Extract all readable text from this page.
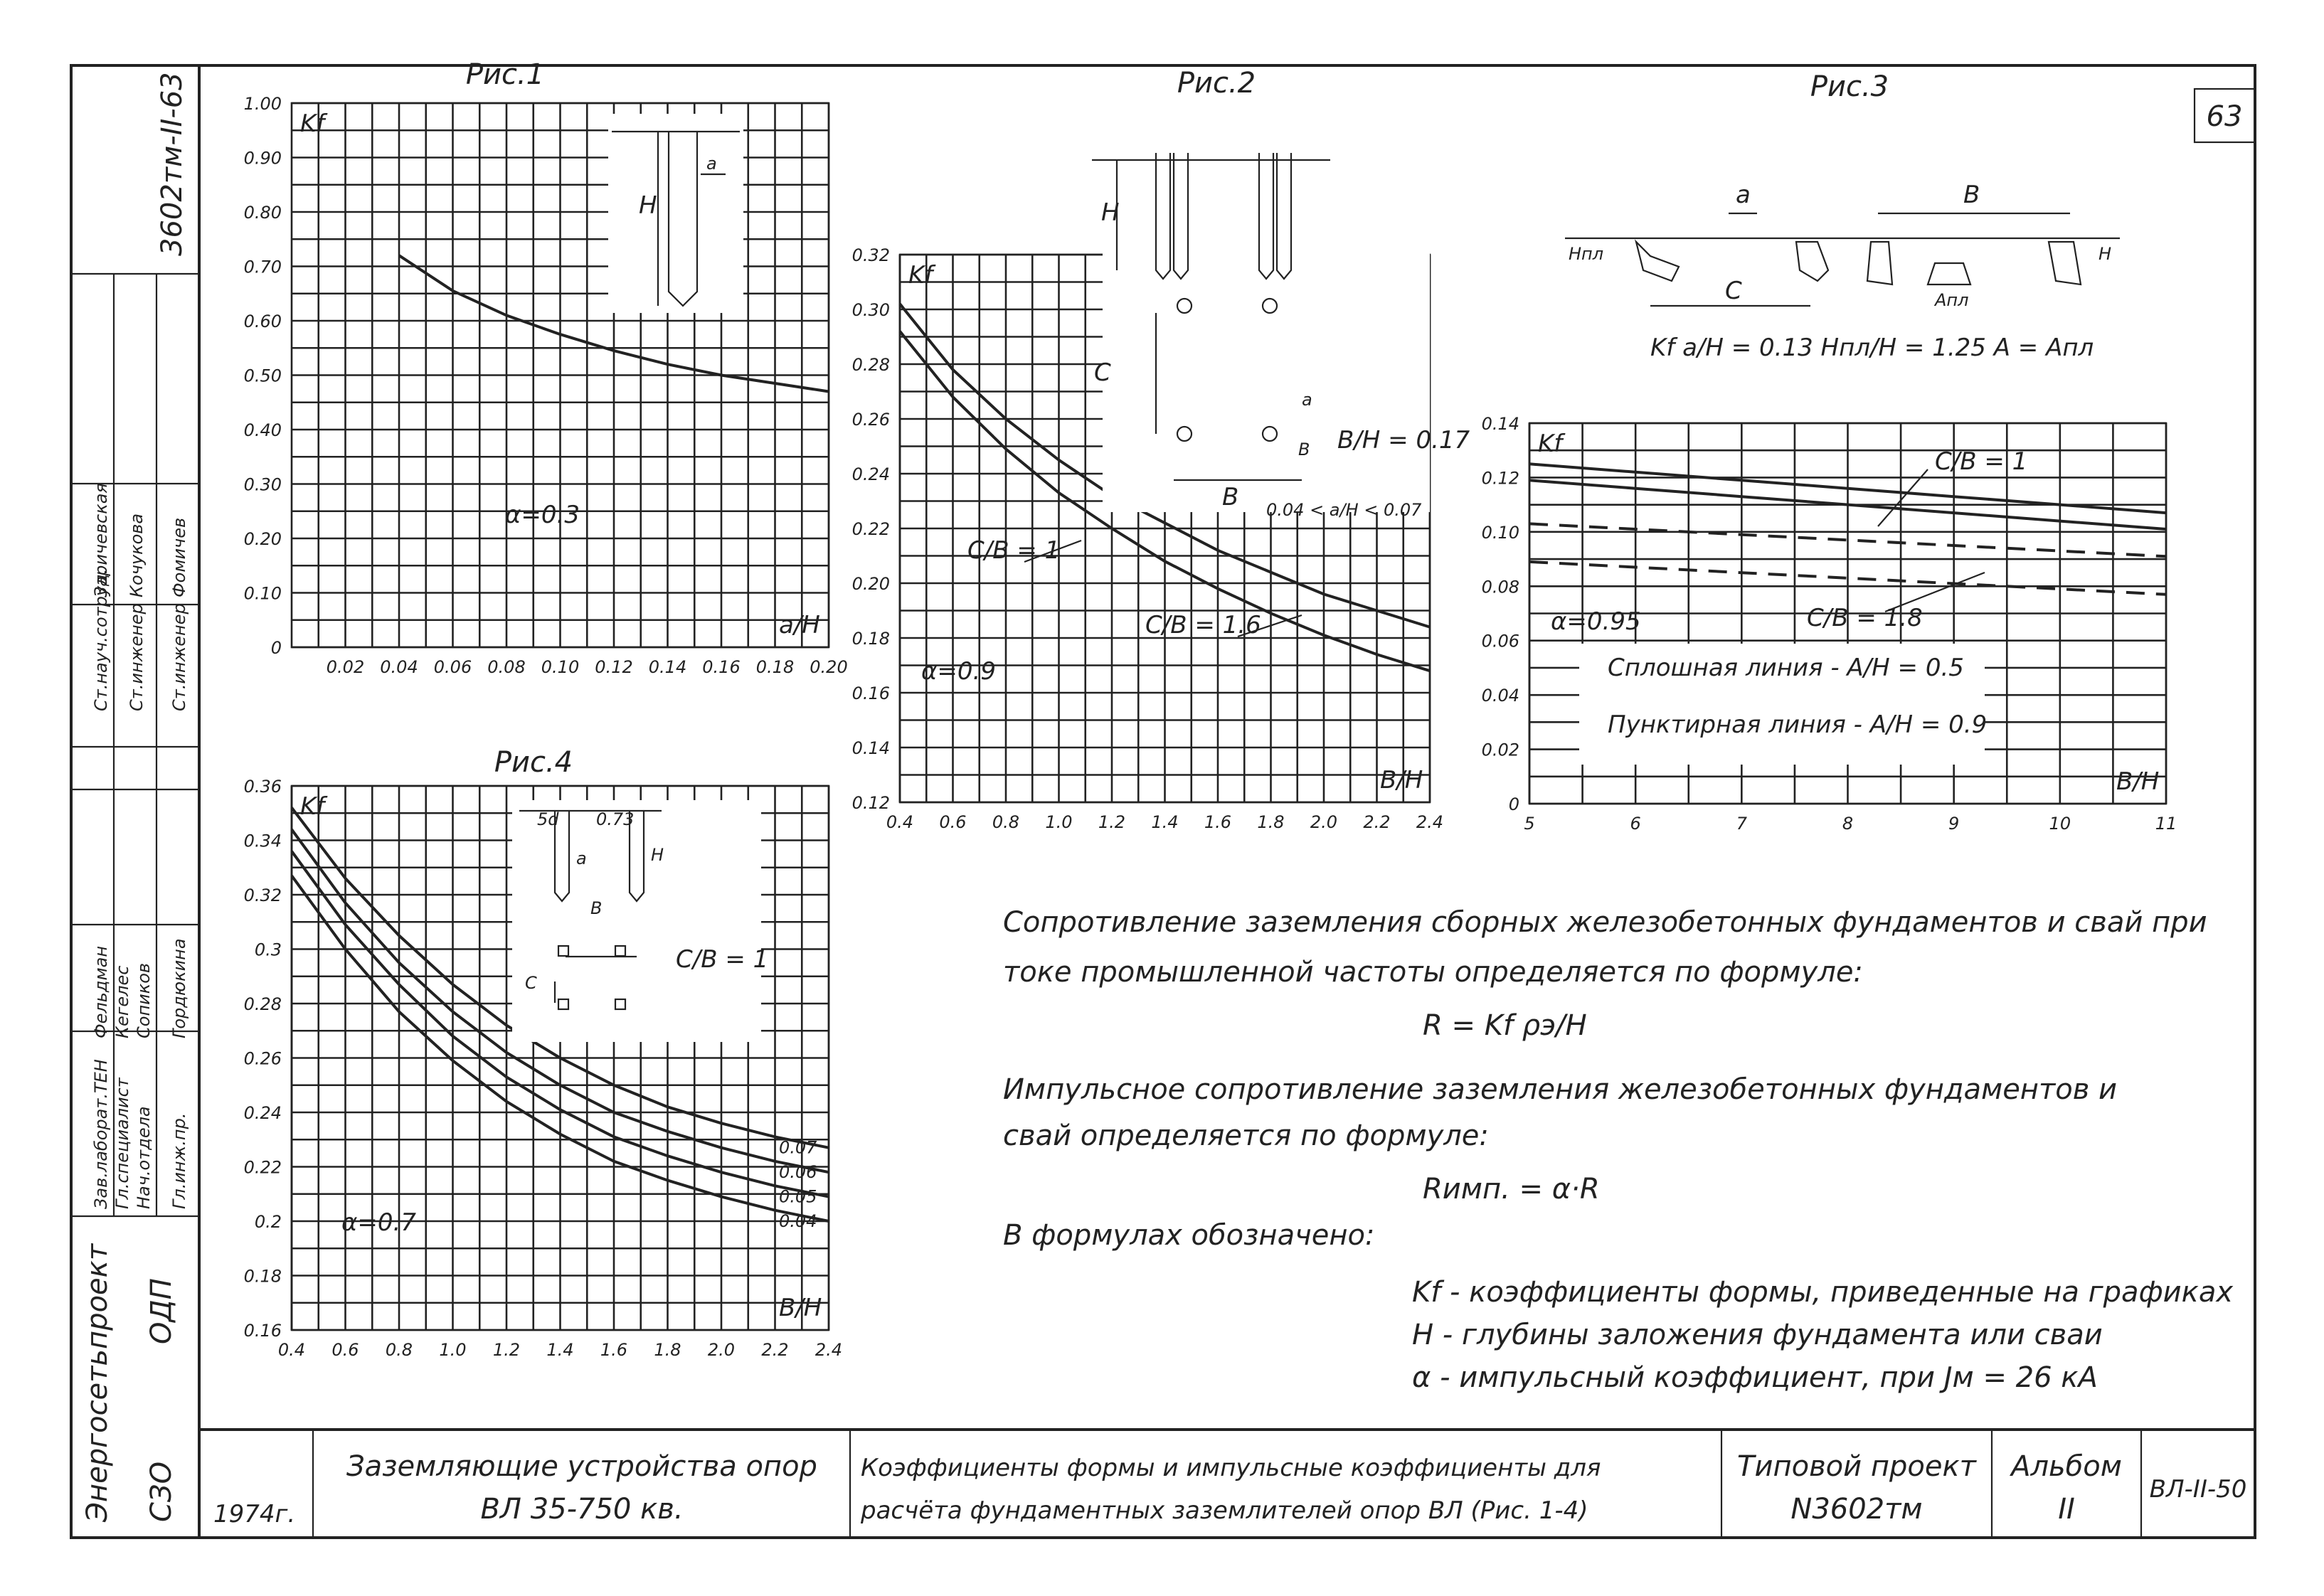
3602тм-II-63
Ст.науч.сотруд.
Заричевская
Ст.инженер
Кочукова
Ст.инженер
Фомичев
Зав.лаборат.ТЕН
Фельдман
Гл.специалист
Кегелес
Нач.отдела
Сопиков
Гл.инж.пр.
Гордюкина
Энергосетьпроект СЗО
ОДП
63
1974г.
Заземляющие устройства опор
ВЛ 35-750 кв.
Коэффициенты формы и импульсные коэффициенты для
расчёта фундаментных заземлителей опор ВЛ (Рис. 1-4)
Типовой проект
N3602тм
Альбом
II
ВЛ-II-50
0.02 0.04 0.06 0.08 0.10 0.12 0.14 0.16 0.18 0.20
0
0.10
0.20
0.30
0.40
0.50
0.60
0.70
0.80
0.90
1.00
Kf
a/H
0.4 0.6 0.8 1.0 1.2 1.4 1.6 1.8 2.0 2.2 2.4
0.12
0.14
0.16
0.18
0.20
0.22
0.24
0.26
0.28
0.30
0.32
Kf
B/H
5	6	7	8	9	10	11
0
0.02
0.04
0.06
0.08
0.10
0.12
0.14
Kf
B/H
0.4 0.6 0.8 1.0 1.2 1.4 1.6 1.8 2.0 2.2 2.4
0.16
0.18
0.2
0.22
0.24
0.26
0.28
0.3
0.32
0.34
0.36
Kf
B/H
0.07
0.06
0.05
0.04
Рис.1
α=0.3
H
a
Рис.2
α=0.9
C/B = 1
C/B = 1.6
H
C
B
a
B B/H = 0.17
0.04 < a/H < 0.07
Рис.3
α=0.95
C/B = 1
C/B = 1.8
Сплошная линия - A/H = 0.5
Пунктирная линия - A/H = 0.9
a	B
C
H
Hпл
Aпл
Kf a/H = 0.13 Hпл/H = 1.25 A = Aпл
Рис.4
α=0.7
a
B
C
H
5d 0.73
C/B = 1
Сопротивление заземления сборных железобетонных фундаментов и свай при
токе промышленной частоты определяется по формуле:
R = Kf ρэ/H
Импульсное сопротивление заземления железобетонных фундаментов и
свай определяется по формуле:
Rимп. = α·R
В формулах обозначено:
Kf - коэффициенты формы, приведенные на графиках
H - глубины заложения фундамента или сваи
α - импульсный коэффициент, при Jм = 26 кА
